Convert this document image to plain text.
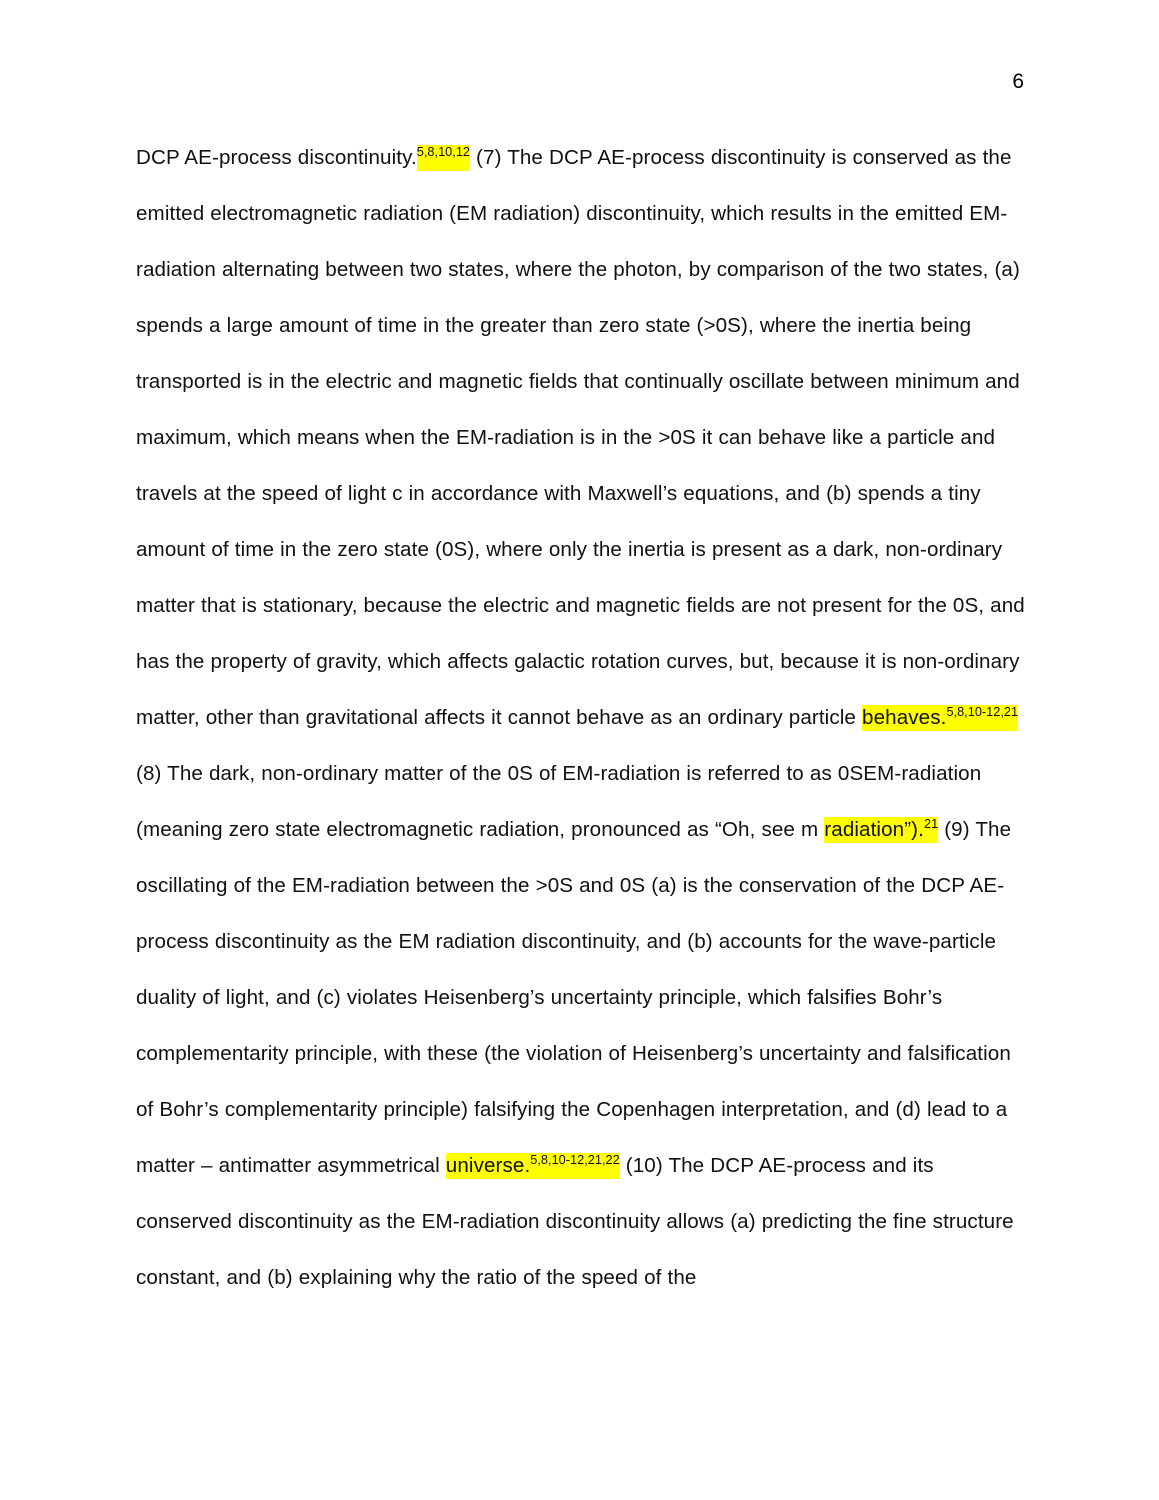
6

DCP AE-process discontinuity.$^{5,8,10,12}$ (7) The DCP AE-process discontinuity is conserved as the emitted electromagnetic radiation (EM radiation) discontinuity, which results in the emitted EM-radiation alternating between two states, where the photon, by comparison of the two states, (a) spends a large amount of time in the greater than zero state (>0S), where the inertia being transported is in the electric and magnetic fields that continually oscillate between minimum and maximum, which means when the EM-radiation is in the >0S it can behave like a particle and travels at the speed of light c in accordance with Maxwell’s equations, and (b) spends a tiny amount of time in the zero state (0S), where only the inertia is present as a dark, non-ordinary matter that is stationary, because the electric and magnetic fields are not present for the 0S, and has the property of gravity, which affects galactic rotation curves, but, because it is non-ordinary matter, other than gravitational affects it cannot behave as an ordinary particle behaves.$^{5,8,10-12,21}$ (8) The dark, non-ordinary matter of the 0S of EM-radiation is referred to as 0SEM-radiation (meaning zero state electromagnetic radiation, pronounced as “Oh, see m radiation”).$^{21}$ (9) The oscillating of the EM-radiation between the >0S and 0S (a) is the conservation of the DCP AE-process discontinuity as the EM radiation discontinuity, and (b) accounts for the wave-particle duality of light, and (c) violates Heisenberg’s uncertainty principle, which falsifies Bohr’s complementarity principle, with these (the violation of Heisenberg’s uncertainty and falsification of Bohr’s complementarity principle) falsifying the Copenhagen interpretation, and (d) lead to a matter – antimatter asymmetrical universe.$^{5,8,10-12,21,22}$ (10) The DCP AE-process and its conserved discontinuity as the EM-radiation discontinuity allows (a) predicting the fine structure constant, and (b) explaining why the ratio of the speed of the
